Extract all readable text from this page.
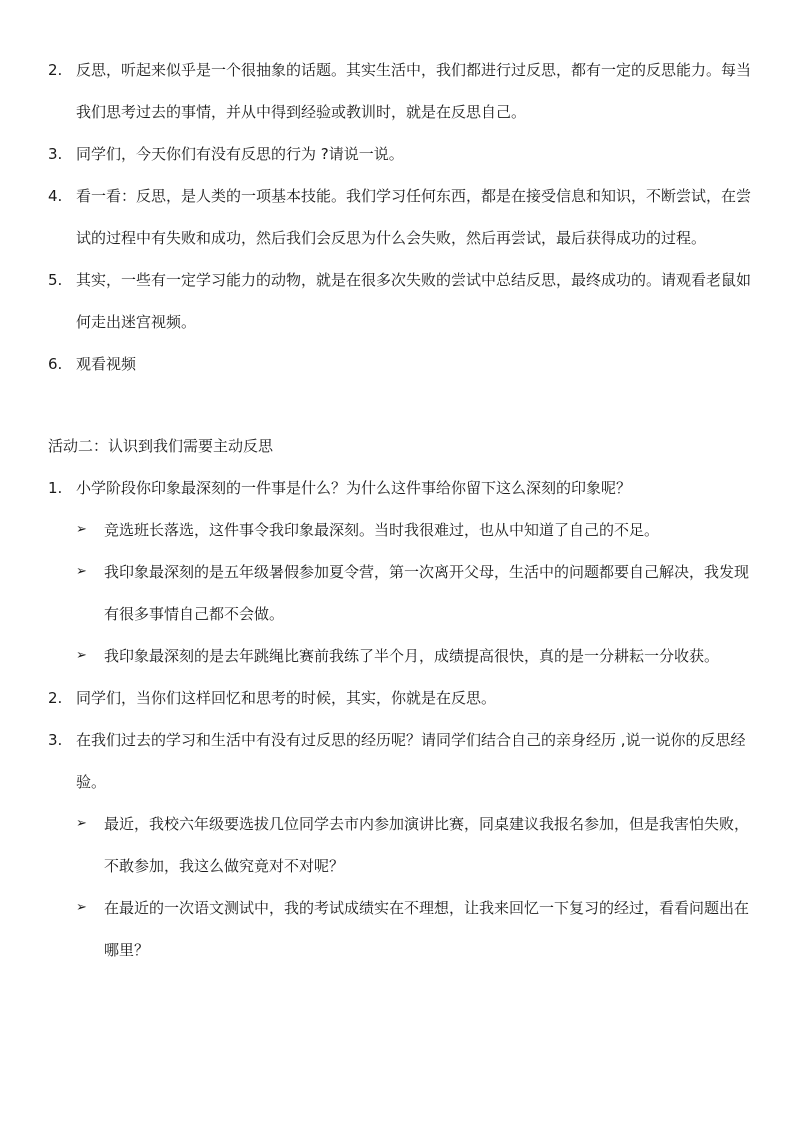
2. 反思，听起来似乎是一个很抽象的话题。其实生活中，我们都进行过反思，都有一定的反思能力。每当我们思考过去的事情，并从中得到经验或教训时，就是在反思自己。
3. 同学们，今天你们有没有反思的行为 ?请说一说。
4. 看一看：反思，是人类的一项基本技能。我们学习任何东西，都是在接受信息和知识，不断尝试，在尝试的过程中有失败和成功，然后我们会反思为什么会失败，然后再尝试，最后获得成功的过程。
5. 其实，一些有一定学习能力的动物，就是在很多次失败的尝试中总结反思，最终成功的。请观看老鼠如何走出迷宫视频。
6. 观看视频
活动二：认识到我们需要主动反思
1. 小学阶段你印象最深刻的一件事是什么？为什么这件事给你留下这么深刻的印象呢？
➢	竞选班长落选，这件事令我印象最深刻。当时我很难过，也从中知道了自己的不足。
➢	我印象最深刻的是五年级暑假参加夏令营，第一次离开父母，生活中的问题都要自己解决，我发现有很多事情自己都不会做。
➢	我印象最深刻的是去年跳绳比赛前我练了半个月，成绩提高很快，真的是一分耕耘一分收获。
2. 同学们，当你们这样回忆和思考的时候，其实，你就是在反思。
3. 在我们过去的学习和生活中有没有过反思的经历呢？请同学们结合自己的亲身经历 ,说一说你的反思经验。
➢	最近，我校六年级要选拔几位同学去市内参加演讲比赛，同桌建议我报名参加，但是我害怕失败，不敢参加，我这么做究竟对不对呢？
➢	在最近的一次语文测试中，我的考试成绩实在不理想，让我来回忆一下复习的经过，看看问题出在哪里？
